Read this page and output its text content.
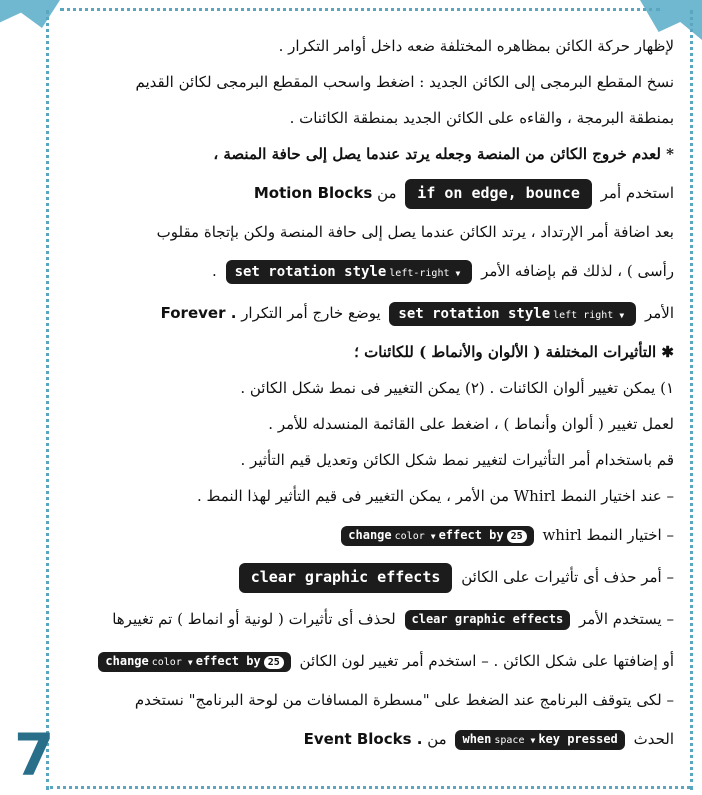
7
لإظهار حركة الكائن بمظاهره المختلفة ضعه داخل أوامر التكرار .
نسخ المقطع البرمجى إلى الكائن الجديد : اضغط واسحب المقطع البرمجى لكائن القديم
بمنطقة البرمجة ، والقاءه على الكائن الجديد بمنطقة الكائنات .
* لعدم خروج الكائن من المنصة وجعله يرتد عندما يصل إلى حافة المنصة ،
استخدم أمر if on edge, bounce من Motion Blocks
بعد اضافة أمر الإرتداد ، يرتد الكائن عندما يصل إلى حافة المنصة ولكن بإتجاة مقلوب
رأسى ) ، لذلك قم بإضافه الأمر set rotation style left-right ▼ .
الأمر set rotation style left right ▼ يوضع خارج أمر التكرار Forever .
✱ التأثيرات المختلفة ( الألوان والأنماط ) للكائنات ؛
١) يمكن تغيير ألوان الكائنات . (٢) يمكن التغيير فى نمط شكل الكائن .
لعمل تغيير ( ألوان وأنماط ) ، اضغط على القائمة المنسدله للأمر .
قم باستخدام أمر التأثيرات لتغيير نمط شكل الكائن وتعديل قيم التأثير .
– عند اختيار النمط Whirl من الأمر ، يمكن التغيير فى قيم التأثير لهذا النمط .
– اختيار النمط whirl change color ▼ effect by 25
– أمر حذف أى تأثيرات على الكائن clear graphic effects
– يستخدم الأمر clear graphic effects لحذف أى تأثيرات ( لونية أو انماط ) تم تغييرها
أو إضافتها على شكل الكائن . – استخدم أمر تغيير لون الكائن change color ▼ effect by 25
– لكى يتوقف البرنامج عند الضغط على "مسطرة المسافات من لوحة البرنامج" نستخدم
الحدث when space ▼ key pressed من Event Blocks .
